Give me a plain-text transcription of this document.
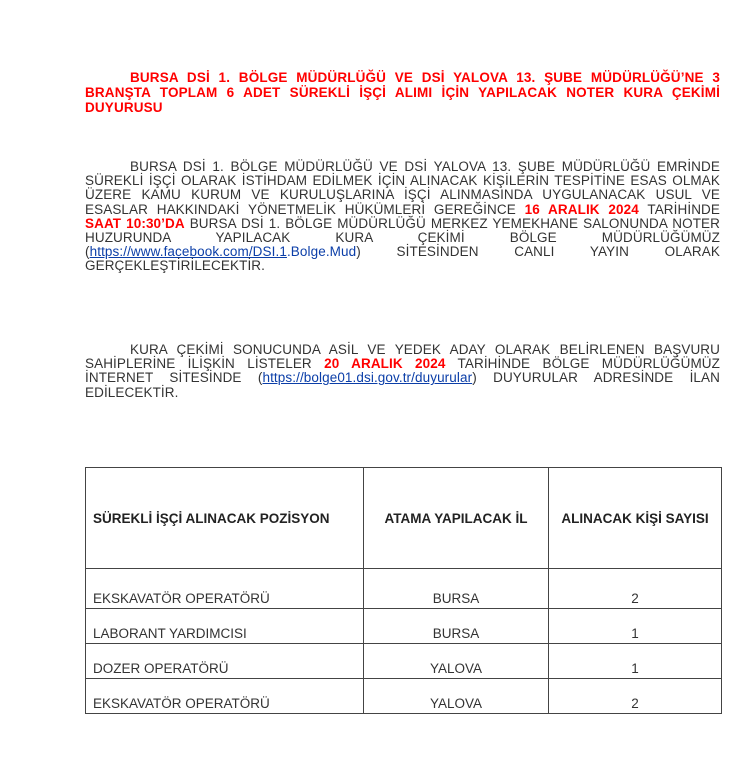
BURSA DSİ 1. BÖLGE MÜDÜRLÜĞÜ VE DSİ YALOVA 13. ŞUBE MÜDÜRLÜĞÜ’NE 3 BRANŞTA TOPLAM 6 ADET SÜREKLİ İŞÇİ ALIMI İÇİN YAPILACAK NOTER KURA ÇEKİMİ DUYURUSU
BURSA DSİ 1. BÖLGE MÜDÜRLÜĞÜ VE DSİ YALOVA 13. ŞUBE MÜDÜRLÜĞÜ EMRİNDE SÜREKLİ İŞÇİ OLARAK İSTİHDAM EDİLMEK İÇİN ALINACAK KİŞİLERİN TESPİTİNE ESAS OLMAK ÜZERE KAMU KURUM VE KURULUŞLARINA İŞÇİ ALINMASINDA UYGULANACAK USUL VE ESASLAR HAKKINDAKİ YÖNETMELİK HÜKÜMLERİ GEREĞİNCE 16 ARALIK 2024 TARİHİNDE SAAT 10:30’DA BURSA DSİ 1. BÖLGE MÜDÜRLÜĞÜ MERKEZ YEMEKHANE SALONUNDA NOTER HUZURUNDA YAPILACAK KURA ÇEKİMİ BÖLGE MÜDÜRLÜĞÜMÜZ (https://www.facebook.com/DSI.1.Bolge.Mud) SİTESİNDEN CANLI YAYIN OLARAK GERÇEKLEŞTİRİLECEKTİR.
KURA ÇEKİMİ SONUCUNDA ASİL VE YEDEK ADAY OLARAK BELİRLENEN BAŞVURU SAHİPLERİNE İLİŞKİN LİSTELER 20 ARALIK 2024 TARİHİNDE BÖLGE MÜDÜRLÜĞÜMÜZ İNTERNET SİTESİNDE (https://bolge01.dsi.gov.tr/duyurular) DUYURULAR ADRESİNDE İLAN EDİLECEKTİR.
SÜREKLİ İŞÇİ ALINACAK POZİSYON	ATAMA YAPILACAK İL	ALINACAK KİŞİ SAYISI
EKSKAVATÖR OPERATÖRÜ	BURSA	2
LABORANT YARDIMCISI	BURSA	1
DOZER OPERATÖRÜ	YALOVA	1
EKSKAVATÖR OPERATÖRÜ	YALOVA	2
